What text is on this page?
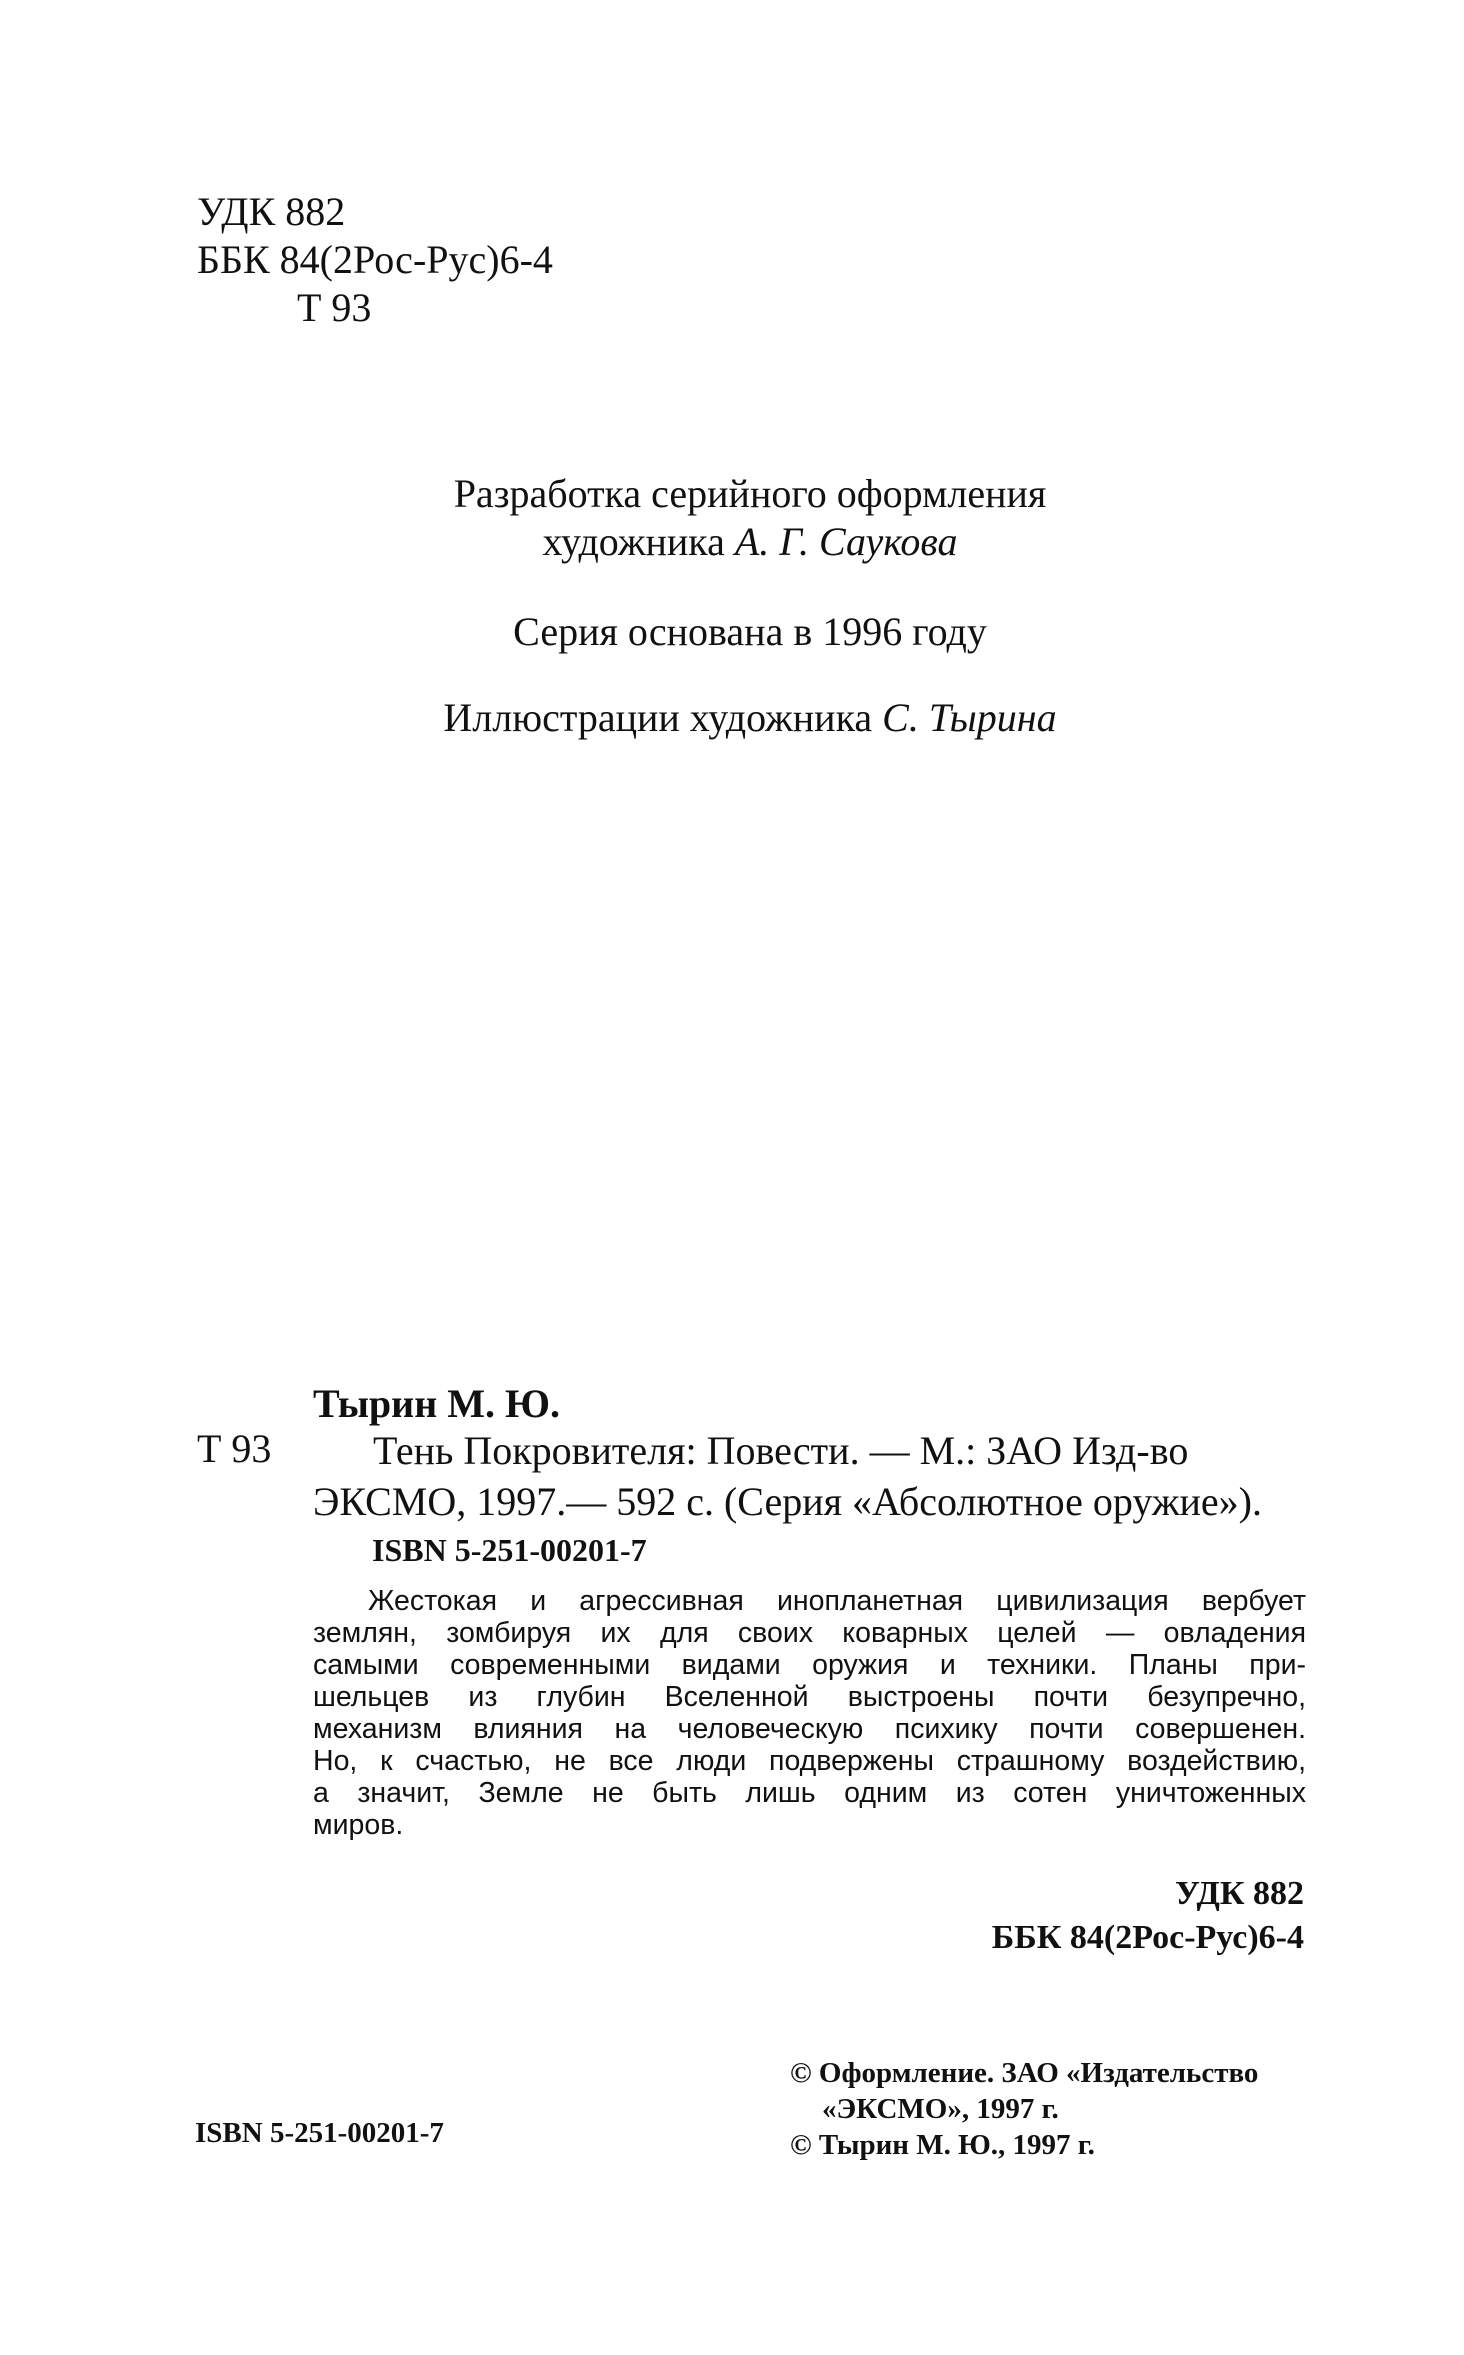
УДК 882
ББК 84(2Рос-Рус)6-4
Т 93
Разработка серийного оформления
художника А. Г. Саукова
Серия основана в 1996 году
Иллюстрации художника С. Тырина
Тырин М. Ю.
Т 93	Тень Покровителя: Повести. — М.: ЗАО Изд-во
ЭКСМО, 1997.— 592 с. (Серия «Абсолютное оружие»).
ISBN 5-251-00201-7
Жестокая и агрессивная инопланетная цивилизация вербует
землян, зомбируя их для своих коварных целей — овладения
самыми современными видами оружия и техники. Планы при-
шельцев из глубин Вселенной выстроены почти безупречно,
механизм влияния на человеческую психику почти совершенен.
Но, к счастью, не все люди подвержены страшному воздействию,
а значит, Земле не быть лишь одним из сотен уничтоженных
миров.
УДК 882
ББК 84(2Рос-Рус)6-4
ISBN 5-251-00201-7
© Оформление. ЗАО «Издательство
«ЭКСМО», 1997 г.
© Тырин М. Ю., 1997 г.
